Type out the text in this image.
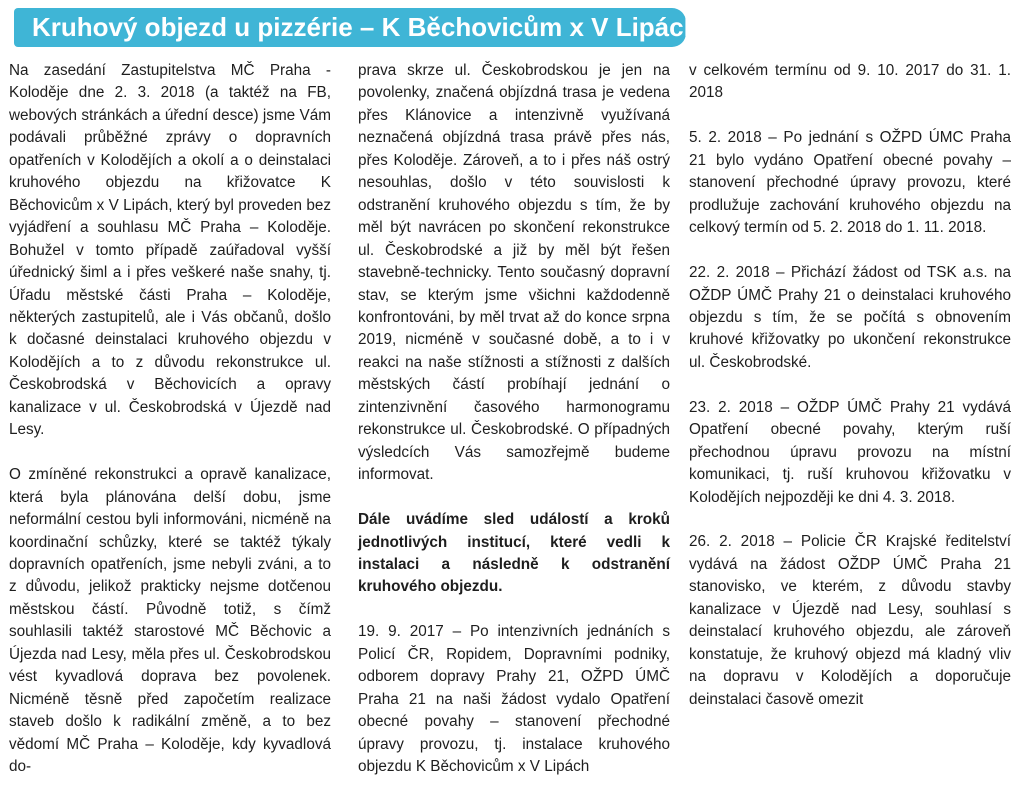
Kruhový objezd u pizzérie – K Běchovicům x V Lipách

Na zasedání Zastupitelstva MČ Praha - Koloděje dne 2. 3. 2018 (a taktéž na FB, webových stránkách a úřední desce) jsme Vám podávali průběžné zprávy o dopravních opatřeních v Kolodějích a okolí a o deinstalaci kruhového objezdu na křižovatce K Běchovicům x V Lipách, který byl proveden bez vyjádření a souhlasu MČ Praha – Koloděje. Bohužel v tomto případě zaúřadoval vyšší úřednický šiml a i přes veškeré naše snahy, tj. Úřadu městské části Praha – Koloděje, některých zastupitelů, ale i Vás občanů, došlo k dočasné deinstalaci kruhového objezdu v Kolodějích a to z důvodu rekonstrukce ul. Českobrodská v Běchovicích a opravy kanalizace v ul. Českobrodská v Újezdě nad Lesy.

O zmíněné rekonstrukci a opravě kanalizace, která byla plánována delší dobu, jsme neformální cestou byli informováni, nicméně na koordinační schůzky, které se taktéž týkaly dopravních opatřeních, jsme nebyli zváni, a to z důvodu, jelikož prakticky nejsme dotčenou městskou částí. Původně totiž, s čímž souhlasili taktéž starostové MČ Běchovic a Újezda nad Lesy, měla přes ul. Českobrodskou vést kyvadlová doprava bez povolenek. Nicméně těsně před započetím realizace staveb došlo k radikální změně, a to bez vědomí MČ Praha – Koloděje, kdy kyvadlová do-

prava skrze ul. Českobrodskou je jen na povolenky, značená objízdná trasa je vedena přes Klánovice a intenzivně využívaná neznačená objízdná trasa právě přes nás, přes Koloděje. Zároveň, a to i přes náš ostrý nesouhlas, došlo v této souvislosti k odstranění kruhového objezdu s tím, že by měl být navrácen po skončení rekonstrukce ul. Českobrodské a již by měl být řešen stavebně-technicky. Tento současný dopravní stav, se kterým jsme všichni každodenně konfrontováni, by měl trvat až do konce srpna 2019, nicméně v současné době, a to i v reakci na naše stížnosti a stížnosti z dalších městských částí probíhají jednání o zintenzivnění časového harmonogramu rekonstrukce ul. Českobrodské. O případných výsledcích Vás samozřejmě budeme informovat.

Dále uvádíme sled událostí a kroků jednotlivých institucí, které vedli k instalaci a následně k odstranění kruhového objezdu.

19. 9. 2017 – Po intenzivních jednáních s Policí ČR, Ropidem, Dopravními podniky, odborem dopravy Prahy 21, OŽPD ÚMČ Praha 21 na naši žádost vydalo Opatření obecné povahy – stanovení přechodné úpravy provozu, tj. instalace kruhového objezdu K Běchovicům x V Lipách

v celkovém termínu od 9. 10. 2017 do 31. 1. 2018

5. 2. 2018 – Po jednání s OŽPD ÚMC Praha 21 bylo vydáno Opatření obecné povahy – stanovení přechodné úpravy provozu, které prodlužuje zachování kruhového objezdu na celkový termín od 5. 2. 2018 do 1. 11. 2018.

22. 2. 2018 – Přichází žádost od TSK a.s. na OŽDP ÚMČ Prahy 21 o deinstalaci kruhového objezdu s tím, že se počítá s obnovením kruhové křižovatky po ukončení rekonstrukce ul. Českobrodské.

23. 2. 2018 – OŽDP ÚMČ Prahy 21 vydává Opatření obecné povahy, kterým ruší přechodnou úpravu provozu na místní komunikaci, tj. ruší kruhovou křižovatku v Kolodějích nejpozději ke dni 4. 3. 2018.

26. 2. 2018 – Policie ČR Krajské ředitelství vydává na žádost OŽDP ÚMČ Praha 21 stanovisko, ve kterém, z důvodu stavby kanalizace v Újezdě nad Lesy, souhlasí s deinstalací kruhového objezdu, ale zároveň konstatuje, že kruhový objezd má kladný vliv na dopravu v Kolodějích a doporučuje deinstalaci časově omezit
